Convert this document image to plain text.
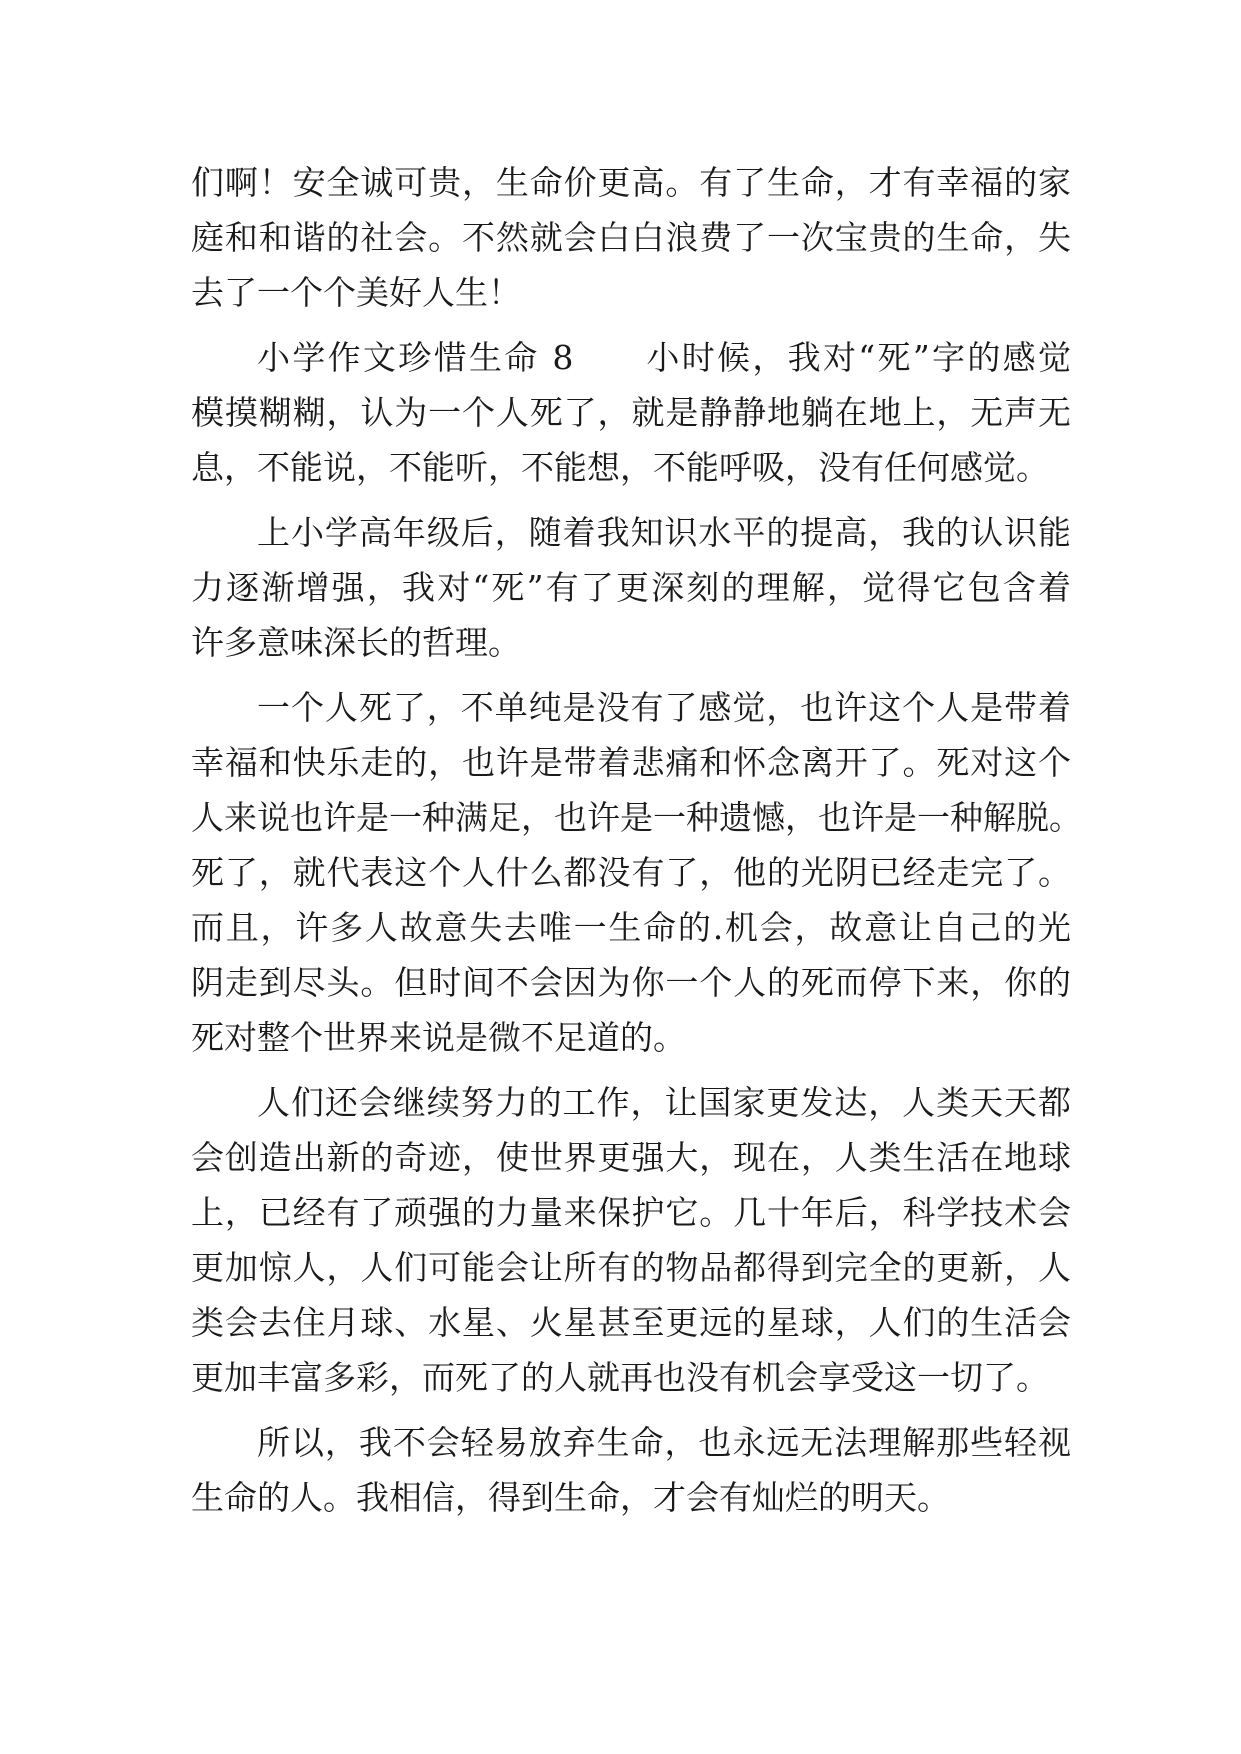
们啊！安全诚可贵，生命价更高。有了生命，才有幸福的家
庭和和谐的社会。不然就会白白浪费了一次宝贵的生命，失
去了一个个美好人生！
小学作文珍惜生命 8　　小时候，我对“死”字的感觉
模摸糊糊，认为一个人死了，就是静静地躺在地上，无声无
息，不能说，不能听，不能想，不能呼吸，没有任何感觉。
上小学高年级后，随着我知识水平的提高，我的认识能
力逐渐增强，我对“死”有了更深刻的理解，觉得它包含着
许多意味深长的哲理。
一个人死了，不单纯是没有了感觉，也许这个人是带着
幸福和快乐走的，也许是带着悲痛和怀念离开了。死对这个
人来说也许是一种满足，也许是一种遗憾，也许是一种解脱。
死了，就代表这个人什么都没有了，他的光阴已经走完了。
而且，许多人故意失去唯一生命的.机会，故意让自己的光
阴走到尽头。但时间不会因为你一个人的死而停下来，你的
死对整个世界来说是微不足道的。
人们还会继续努力的工作，让国家更发达，人类天天都
会创造出新的奇迹，使世界更强大，现在，人类生活在地球
上，已经有了顽强的力量来保护它。几十年后，科学技术会
更加惊人，人们可能会让所有的物品都得到完全的更新，人
类会去住月球、水星、火星甚至更远的星球，人们的生活会
更加丰富多彩，而死了的人就再也没有机会享受这一切了。
所以，我不会轻易放弃生命，也永远无法理解那些轻视
生命的人。我相信，得到生命，才会有灿烂的明天。
